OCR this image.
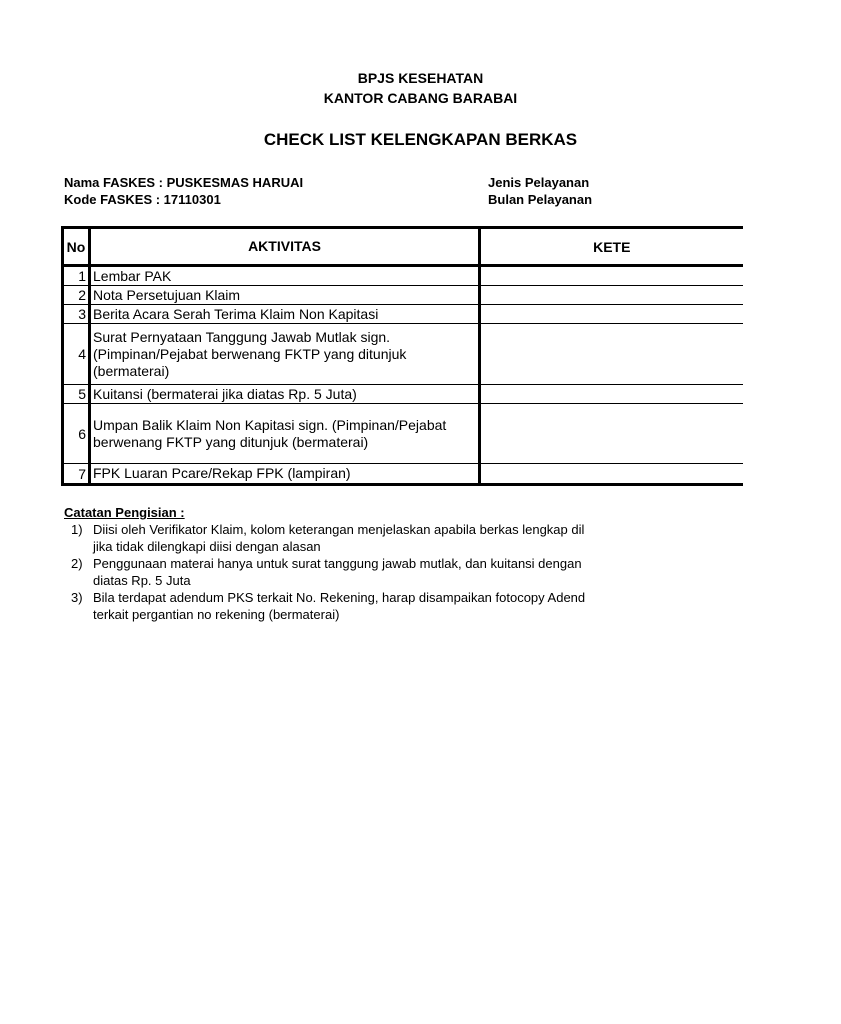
BPJS KESEHATAN
KANTOR CABANG BARABAI
CHECK LIST KELENGKAPAN BERKAS
Nama FASKES : PUSKESMAS HARUAI
Kode FASKES : 17110301
Jenis Pelayanan
Bulan Pelayanan
No	AKTIVITAS	KETE
1	Lembar PAK	
2	Nota Persetujuan Klaim	
3	Berita Acara Serah Terima Klaim Non Kapitasi	
4	Surat Pernyataan Tanggung Jawab Mutlak sign. (Pimpinan/Pejabat berwenang FKTP yang ditunjuk (bermaterai)	
5	Kuitansi (bermaterai jika diatas Rp. 5 Juta)	
6	Umpan Balik Klaim Non Kapitasi sign. (Pimpinan/Pejabat berwenang FKTP yang ditunjuk (bermaterai)	
7	FPK Luaran Pcare/Rekap FPK (lampiran)	
Catatan Pengisian :
1) Diisi oleh Verifikator Klaim, kolom keterangan menjelaskan apabila berkas lengkap dil
jika tidak dilengkapi diisi dengan alasan
2) Penggunaan materai hanya untuk surat tanggung jawab mutlak, dan kuitansi dengan
diatas Rp. 5 Juta
3) Bila terdapat adendum PKS terkait No. Rekening, harap disampaikan fotocopy Adend
terkait pergantian no rekening (bermaterai)
